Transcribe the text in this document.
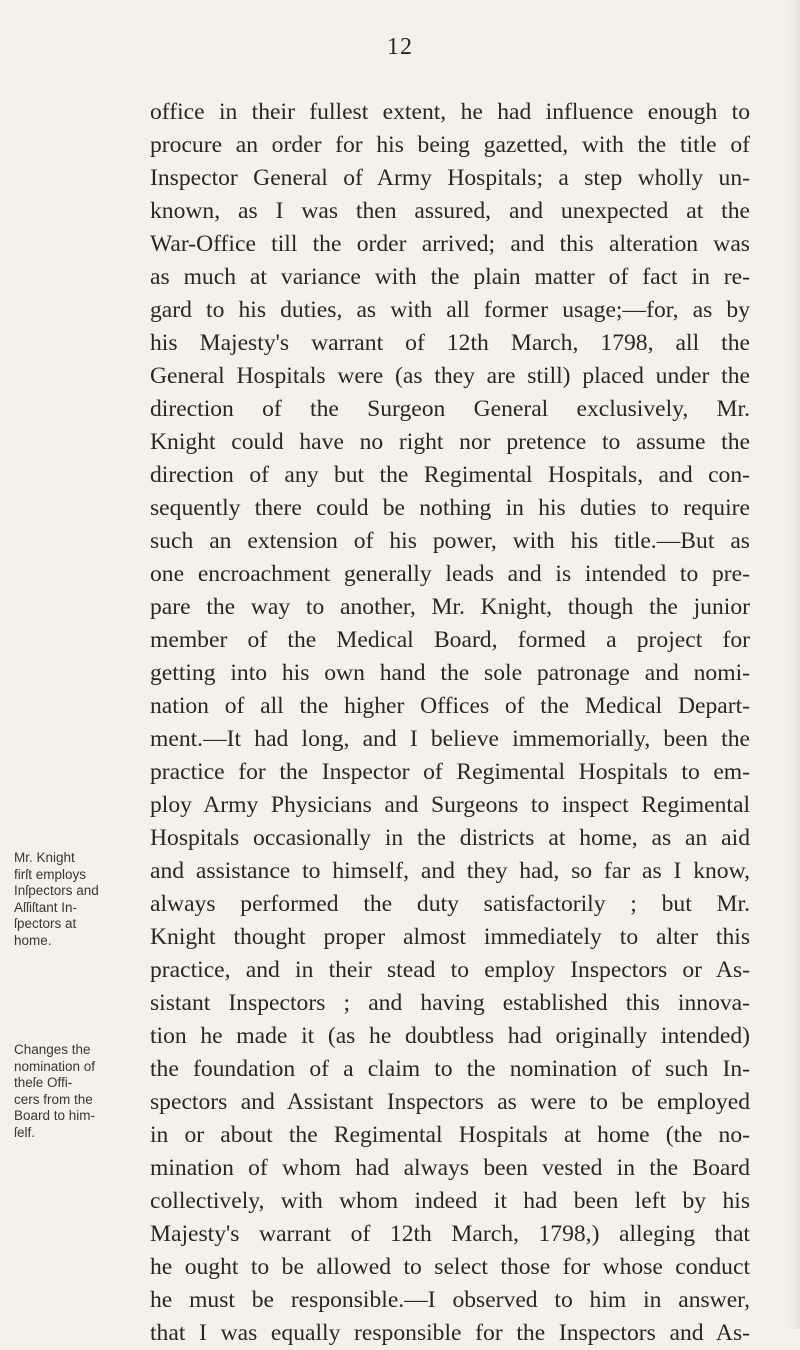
12
office in their fullest extent, he had influence enough to
procure an order for his being gazetted, with the title of
Inspector General of Army Hospitals; a step wholly un-
known, as I was then assured, and unexpected at the
War-Office till the order arrived; and this alteration was
as much at variance with the plain matter of fact in re-
gard to his duties, as with all former usage;—for, as by
his Majesty's warrant of 12th March, 1798, all the
General Hospitals were (as they are still) placed under the
direction of the Surgeon General exclusively, Mr.
Knight could have no right nor pretence to assume the
direction of any but the Regimental Hospitals, and con-
sequently there could be nothing in his duties to require
such an extension of his power, with his title.—But as
one encroachment generally leads and is intended to pre-
pare the way to another, Mr. Knight, though the junior
member of the Medical Board, formed a project for
getting into his own hand the sole patronage and nomi-
nation of all the higher Offices of the Medical Depart-
ment.—It had long, and I believe immemorially, been the
practice for the Inspector of Regimental Hospitals to em-
ploy Army Physicians and Surgeons to inspect Regimental
Hospitals occasionally in the districts at home, as an aid
and assistance to himself, and they had, so far as I know,
always performed the duty satisfactorily ; but Mr.
Knight thought proper almost immediately to alter this
practice, and in their stead to employ Inspectors or As-
sistant Inspectors ; and having established this innova-
tion he made it (as he doubtless had originally intended)
the foundation of a claim to the nomination of such In-
spectors and Assistant Inspectors as were to be employed
in or about the Regimental Hospitals at home (the no-
mination of whom had always been vested in the Board
collectively, with whom indeed it had been left by his
Majesty's warrant of 12th March, 1798,) alleging that
he ought to be allowed to select those for whose conduct
he must be responsible.—I observed to him in answer,
that I was equally responsible for the Inspectors and As-
Mr. Knight
firſt employs
Inſpectors and
Aſſiſtant In-
ſpectors at
home.
Changes the
nomination of
theſe Offi-
cers from the
Board to him-
ſelf.
